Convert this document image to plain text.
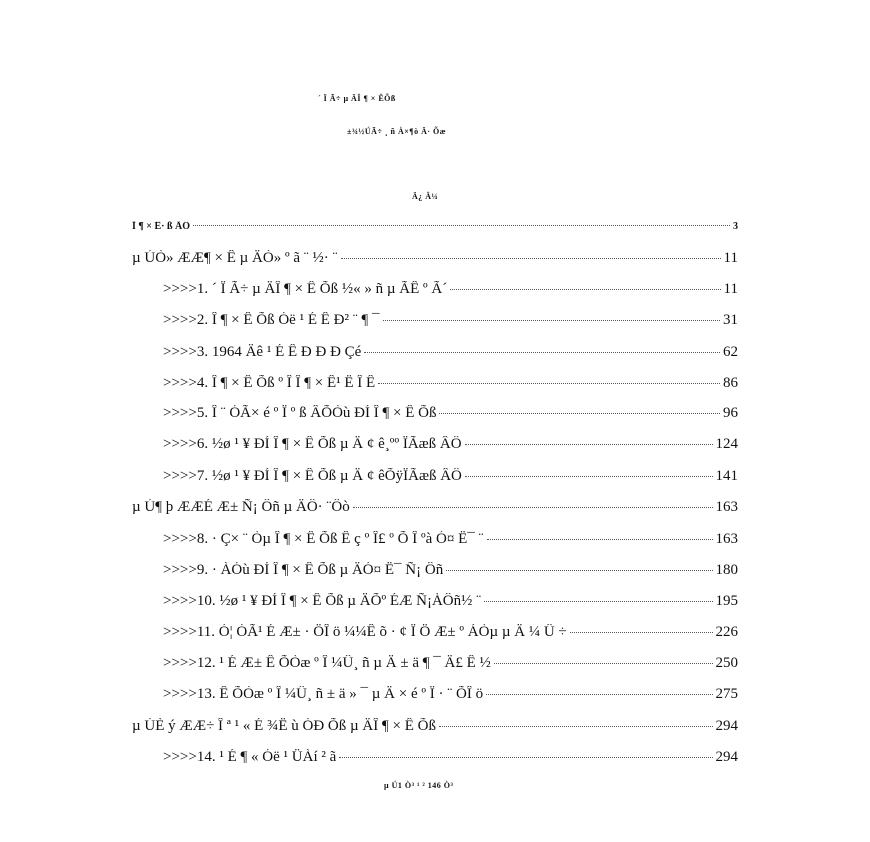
´ Ï Ã÷ µ ÄÎ ¶ × ÊÕß
±¾½ÚÃ÷ ¸ ñ À×¶ò Ä· Õæ
Ä¿ Â¼
Ï ¶ × Ê· ß ÃÔ	3
µ ÚÒ» ÆÆ¶ × Ê µ ÄÒ» º ã ¨ ½· ¨	11
>>>>1. ´ Ï Ã÷ µ ÄÎ ¶ × Ê Õß ½« » ñ µ ÃÊ º Ã´	11
>>>>2. Î ¶ × Ê Õß Óë ¹ É Ê Ð² ¨ ¶ ¯	31
>>>>3. 1964 Äê ¹ É Ê Ð Ð Ð Çé	62
>>>>4. Î ¶ × Ê Õß º Î Î ¶ × Ê¹ Ë Î Ê	86
>>>>5. Î ¨ ÓÃ× é º Ï º ß ÂÕÒù ÐÍ Î ¶ × Ê Õß	96
>>>>6. ½ø ¹ ¥ ÐÍ Î ¶ × Ê Õß µ Ä ¢ ê¸ºº ÏÃæß ÂÔ	124
>>>>7. ½ø ¹ ¥ ÐÍ Î ¶ × Ê Õß µ Ä ¢ êÕÿÏÃæß ÂÔ	141
µ Ú¶ þ ÆÆÉ Æ± Ñ¡ Ôñ µ ÄÔ· ¨Ôò	163
>>>>8. · Ç× ¨ Òµ Î ¶ × Ê Õß Ê ç º Î£ º Õ Î ºà Ó¤ Ë¯ ¨	163
>>>>9. · ÀÓù ÐÍ Î ¶ × Ê Õß µ ÄÓ¤ Ë¯ Ñ¡ Ôñ	180
>>>>10. ½ø ¹ ¥ ÐÍ Î ¶ × Ê Õß µ ÄÕº ÉÆ Ñ¡ÀÔñ½ ¨	195
>>>>11. Ó¦ ÓÃ¹ É Æ± · ÖÎ ö ¼¼Ê õ · ¢ Ï Ö Æ± º ÁÒµ µ Ä ¼ Û ÷	226
>>>>12. ¹ É Æ± Ê ÕÒæ º Î ¼Û¸ ñ µ Ä ± ä ¶ ¯ Ä£ Ê ½	250
>>>>13. Ê ÕÒæ º Î ¼Û¸ ñ ± ä » ¯ µ Ä × é º Ï · ¨ ÕÎ ö	275
µ ÚÈ ý ÆÆ÷ Î ª ¹ « É ¾Ë ù ÓÐ Õß µ ÄÎ ¶ × Ê Õß	294
>>>>14. ¹ É ¶ « Óë ¹ ÜÀí ² ã	294
µ Ú1 Ò³ ¹ ² 146 Ò³
